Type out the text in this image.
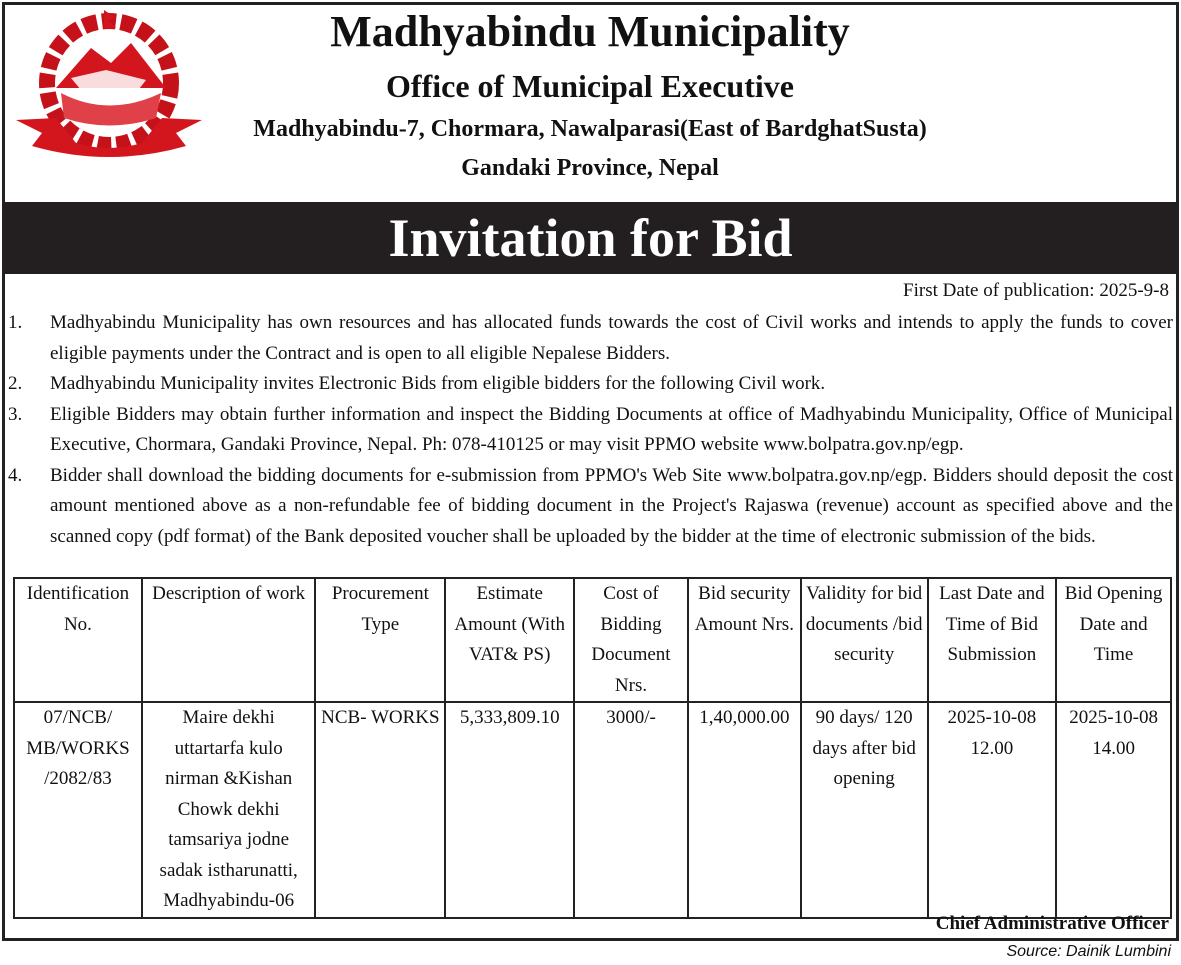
Madhyabindu Municipality
Office of Municipal Executive
Madhyabindu-7, Chormara, Nawalparasi(East of BardghatSusta)
Gandaki Province, Nepal
Invitation for Bid
First Date of publication: 2025-9-8
1.	Madhyabindu Municipality has own resources and has allocated funds towards the cost of Civil works and intends to apply the funds to cover eligible payments under the Contract and is open to all eligible Nepalese Bidders.
2.	Madhyabindu Municipality invites Electronic Bids from eligible bidders for the following Civil work.
3.	Eligible Bidders may obtain further information and inspect the Bidding Documents at office of Madhyabindu Municipality, Office of Municipal Executive, Chormara, Gandaki Province, Nepal. Ph: 078-410125 or may visit PPMO website www.bolpatra.gov.np/egp.
4.	Bidder shall download the bidding documents for e-submission from PPMO's Web Site www.bolpatra.gov.np/egp. Bidders should deposit the cost amount mentioned above as a non-refundable fee of bidding document in the Project's Rajaswa (revenue) account as specified above and the scanned copy (pdf format) of the Bank deposited voucher shall be uploaded by the bidder at the time of electronic submission of the bids.
Identification No.	Description of work	Procurement Type	Estimate Amount (With VAT& PS)	Cost of Bidding Document Nrs.	Bid security Amount Nrs.	Validity for bid documents /bid security	Last Date and Time of Bid Submission	Bid Opening Date and Time
07/NCB/ MB/WORKS /2082/83	Maire dekhi uttartarfa kulo nirman &Kishan Chowk dekhi tamsariya jodne sadak istharunatti, Madhyabindu-06	NCB- WORKS	5,333,809.10	3000/-	1,40,000.00	90 days/ 120 days after bid opening	2025-10-08 12.00	2025-10-08 14.00
Chief Administrative Officer
Source: Dainik Lumbini
